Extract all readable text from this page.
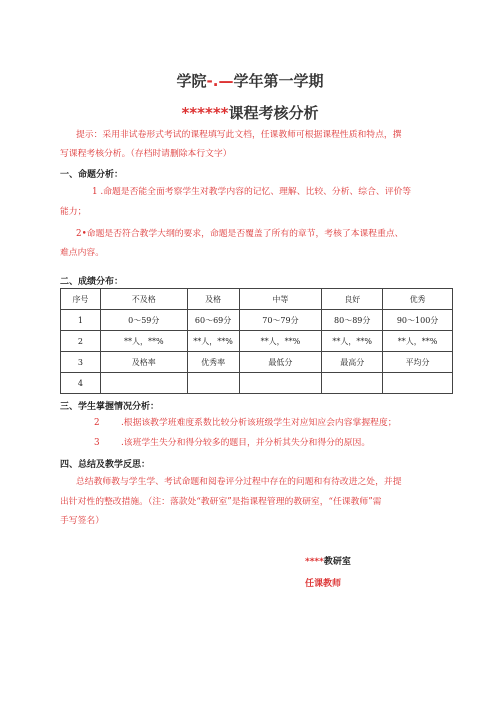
学院-.—学年第一学期
******课程考核分析
提示：采用非试卷形式考试的课程填写此文档，任课教师可根据课程性质和特点，撰
写课程考核分析。（存档时请删除本行文字）
一、命题分析：
1 .命题是否能全面考察学生对教学内容的记忆、理解、比较、分析、综合、评价等
能力；
2•命题是否符合教学大纲的要求，命题是否覆盖了所有的章节，考核了本课程重点、
难点内容。
二、成绩分布：
序号	不及格	及格	中等	良好	优秀
1	0～59分	60～69分	70～79分	80～89分	90～100分
2	**人，**%	**人，**%	**人，**%	**人，**%	**人，**%
3	及格率	优秀率	最低分	最高分	平均分
4					
三、学生掌握情况分析：
2 .根据该教学班难度系数比较分析该班级学生对应知应会内容掌握程度；
3 .该班学生失分和得分较多的题目，并分析其失分和得分的原因。
四、总结及教学反思：
总结教师教与学生学、考试命题和阅卷评分过程中存在的问题和有待改进之处，并提
出针对性的整改措施。（注：落款处“教研室”是指课程管理的教研室，“任课教师”需
手写签名）
****教研室
任课教师
